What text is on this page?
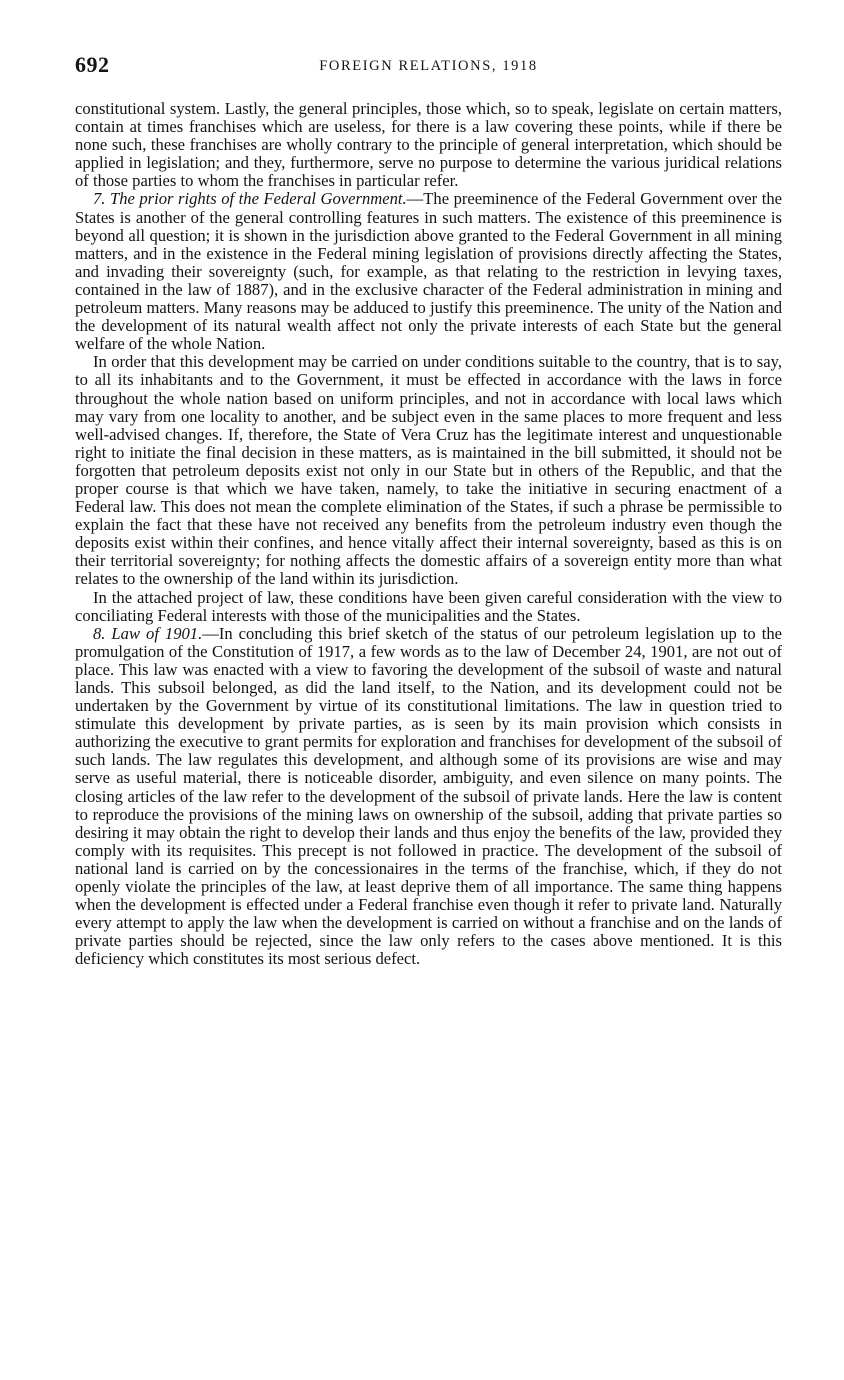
692	FOREIGN RELATIONS, 1918

constitutional system. Lastly, the general principles, those which, so to speak, legislate on certain matters, contain at times franchises which are useless, for there is a law covering these points, while if there be none such, these franchises are wholly contrary to the principle of general interpretation, which should be applied in legislation; and they, furthermore, serve no purpose to determine the various juridical relations of those parties to whom the franchises in particular refer.

7. The prior rights of the Federal Government.—The preeminence of the Federal Government over the States is another of the general controlling features in such matters. The existence of this preeminence is beyond all question; it is shown in the jurisdiction above granted to the Federal Government in all mining matters, and in the existence in the Federal mining legislation of provisions directly affecting the States, and invading their sovereignty (such, for example, as that relating to the restriction in levying taxes, contained in the law of 1887), and in the exclusive character of the Federal administration in mining and petroleum matters. Many reasons may be adduced to justify this preeminence. The unity of the Nation and the development of its natural wealth affect not only the private interests of each State but the general welfare of the whole Nation.

In order that this development may be carried on under conditions suitable to the country, that is to say, to all its inhabitants and to the Government, it must be effected in accordance with the laws in force throughout the whole nation based on uniform principles, and not in accordance with local laws which may vary from one locality to another, and be subject even in the same places to more frequent and less well-advised changes. If, therefore, the State of Vera Cruz has the legitimate interest and unquestionable right to initiate the final decision in these matters, as is maintained in the bill submitted, it should not be forgotten that petroleum deposits exist not only in our State but in others of the Republic, and that the proper course is that which we have taken, namely, to take the initiative in securing enactment of a Federal law. This does not mean the complete elimination of the States, if such a phrase be permissible to explain the fact that these have not received any benefits from the petroleum industry even though the deposits exist within their confines, and hence vitally affect their internal sovereignty, based as this is on their territorial sovereignty; for nothing affects the domestic affairs of a sovereign entity more than what relates to the ownership of the land within its jurisdiction.

In the attached project of law, these conditions have been given careful consideration with the view to conciliating Federal interests with those of the municipalities and the States.

8. Law of 1901.—In concluding this brief sketch of the status of our petroleum legislation up to the promulgation of the Constitution of 1917, a few words as to the law of December 24, 1901, are not out of place. This law was enacted with a view to favoring the development of the subsoil of waste and natural lands. This subsoil belonged, as did the land itself, to the Nation, and its development could not be undertaken by the Government by virtue of its constitutional limitations. The law in question tried to stimulate this development by private parties, as is seen by its main provision which consists in authorizing the executive to grant permits for exploration and franchises for development of the subsoil of such lands. The law regulates this development, and although some of its provisions are wise and may serve as useful material, there is noticeable disorder, ambiguity, and even silence on many points. The closing articles of the law refer to the development of the subsoil of private lands. Here the law is content to reproduce the provisions of the mining laws on ownership of the subsoil, adding that private parties so desiring it may obtain the right to develop their lands and thus enjoy the benefits of the law, provided they comply with its requisites. This precept is not followed in practice. The development of the subsoil of national land is carried on by the concessionaires in the terms of the franchise, which, if they do not openly violate the principles of the law, at least deprive them of all importance. The same thing happens when the development is effected under a Federal franchise even though it refer to private land. Naturally every attempt to apply the law when the development is carried on without a franchise and on the lands of private parties should be rejected, since the law only refers to the cases above mentioned. It is this deficiency which constitutes its most serious defect.
